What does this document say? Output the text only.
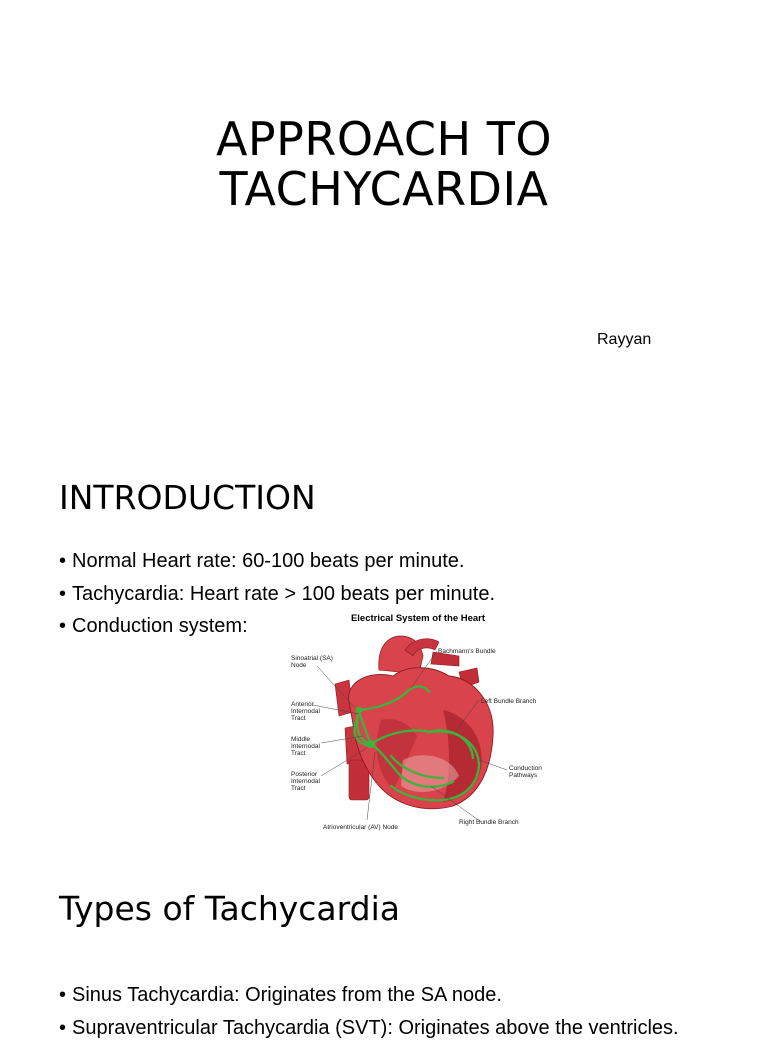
APPROACH TO
TACHYCARDIA
Rayyan
INTRODUCTION
• Normal Heart rate: 60-100 beats per minute.
• Tachycardia: Heart rate > 100 beats per minute.
• Conduction system:	Electrical System of the Heart
Sinoatrial (SA)
Node
Bachmann's Bundle
Left Bundle Branch
Anterior
Internodal
Tract
Middle
Internodal
Tract
Posterior
Internodal
Tract
Conduction
Pathways
Right Bundle Branch
Atrioventricular (AV) Node
Types of Tachycardia
• Sinus Tachycardia: Originates from the SA node.
• Supraventricular Tachycardia (SVT): Originates above the ventricles.
